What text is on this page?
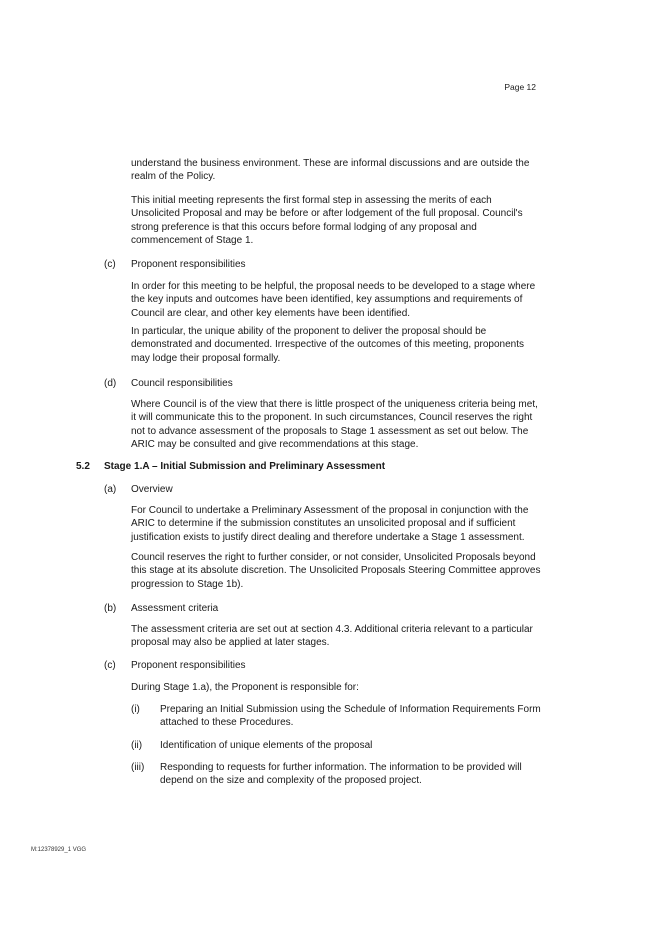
Page 12

understand the business environment. These are informal discussions and are outside the realm of the Policy.

This initial meeting represents the first formal step in assessing the merits of each Unsolicited Proposal and may be before or after lodgement of the full proposal. Council's strong preference is that this occurs before formal lodging of any proposal and commencement of Stage 1.

(c) Proponent responsibilities

In order for this meeting to be helpful, the proposal needs to be developed to a stage where the key inputs and outcomes have been identified, key assumptions and requirements of Council are clear, and other key elements have been identified.

In particular, the unique ability of the proponent to deliver the proposal should be demonstrated and documented. Irrespective of the outcomes of this meeting, proponents may lodge their proposal formally.

(d) Council responsibilities

Where Council is of the view that there is little prospect of the uniqueness criteria being met, it will communicate this to the proponent. In such circumstances, Council reserves the right not to advance assessment of the proposals to Stage 1 assessment as set out below. The ARIC may be consulted and give recommendations at this stage.

5.2 Stage 1.A – Initial Submission and Preliminary Assessment
(a) Overview

For Council to undertake a Preliminary Assessment of the proposal in conjunction with the ARIC to determine if the submission constitutes an unsolicited proposal and if sufficient justification exists to justify direct dealing and therefore undertake a Stage 1 assessment.

Council reserves the right to further consider, or not consider, Unsolicited Proposals beyond this stage at its absolute discretion. The Unsolicited Proposals Steering Committee approves progression to Stage 1b).

(b) Assessment criteria

The assessment criteria are set out at section 4.3. Additional criteria relevant to a particular proposal may also be applied at later stages.

(c) Proponent responsibilities

During Stage 1.a), the Proponent is responsible for:

(i) Preparing an Initial Submission using the Schedule of Information Requirements Form attached to these Procedures.

(ii) Identification of unique elements of the proposal

(iii) Responding to requests for further information. The information to be provided will depend on the size and complexity of the proposed project.

M:12378929_1 VGG
